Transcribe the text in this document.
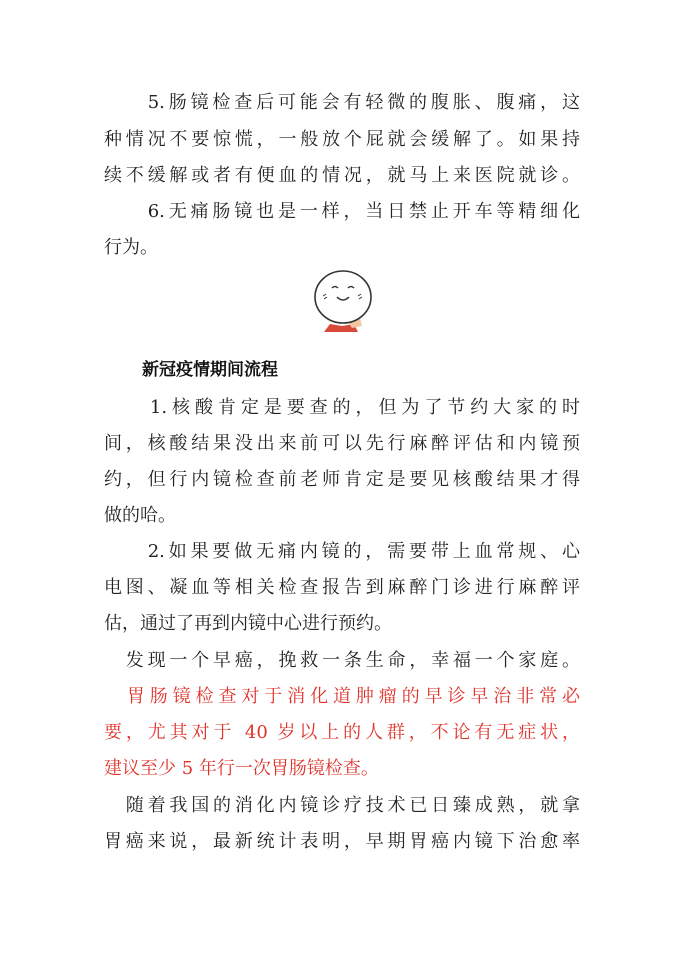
　　5.肠镜检查后可能会有轻微的腹胀、腹痛，这
种情况不要惊慌，一般放个屁就会缓解了。如果持
续不缓解或者有便血的情况，就马上来医院就诊。
　　6.无痛肠镜也是一样，当日禁止开车等精细化
行为。
新冠疫情期间流程
　　1.核酸肯定是要查的，但为了节约大家的时
间，核酸结果没出来前可以先行麻醉评估和内镜预
约，但行内镜检查前老师肯定是要见核酸结果才得
做的哈。
　　2.如果要做无痛内镜的，需要带上血常规、心
电图、凝血等相关检查报告到麻醉门诊进行麻醉评
估，通过了再到内镜中心进行预约。
　发现一个早癌，挽救一条生命，幸福一个家庭。
　胃肠镜检查对于消化道肿瘤的早诊早治非常必
要，尤其对于 40 岁以上的人群，不论有无症状，
建议至少 5 年行一次胃肠镜检查。
　随着我国的消化内镜诊疗技术已日臻成熟，就拿
胃癌来说，最新统计表明，早期胃癌内镜下治愈率
